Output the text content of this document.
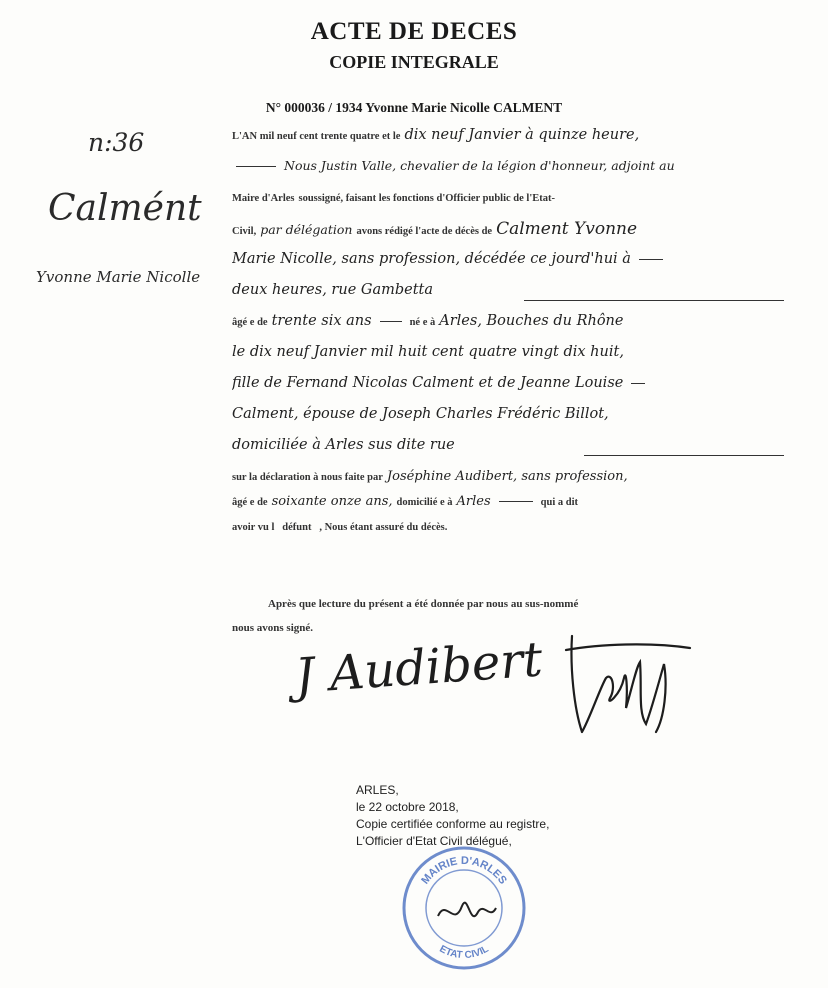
ACTE DE DECES
COPIE INTEGRALE
N° 000036 / 1934 Yvonne Marie Nicolle CALMENT
n:36
Calmént
Yvonne Marie Nicolle
L'AN mil neuf cent trente quatre et le dix neuf Janvier à quinze heure,
Nous Justin Valle, chevalier de la légion d'honneur, adjoint au
Maire d'Arles soussigné, faisant les fonctions d'Officier public de l'Etat-
Civil, par délégation avons rédigé l'acte de décès de Calment Yvonne
Marie Nicolle, sans profession, décédée ce jourd'hui à
deux heures, rue Gambetta
âgé e de trente six ans	né e à Arles, Bouches du Rhône
le dix neuf Janvier mil huit cent quatre vingt dix huit,
fille de Fernand Nicolas Calment et de Jeanne Louise
Calment, épouse de Joseph Charles Frédéric Billot,
domiciliée à Arles sus dite rue
sur la déclaration à nous faite par Joséphine Audibert, sans profession,
âgé e de soixante onze ans, domicilié e à Arles	qui a dit
avoir vu l   défunt   , Nous étant assuré du décès.
Après que lecture du présent a été donnée par nous au sus-nommé
nous avons signé.
J Audibert
ARLES,
le 22 octobre 2018,
Copie certifiée conforme au registre,
L'Officier d'Etat Civil délégué,
MAIRIE D'ARLES
ETAT CIVIL
